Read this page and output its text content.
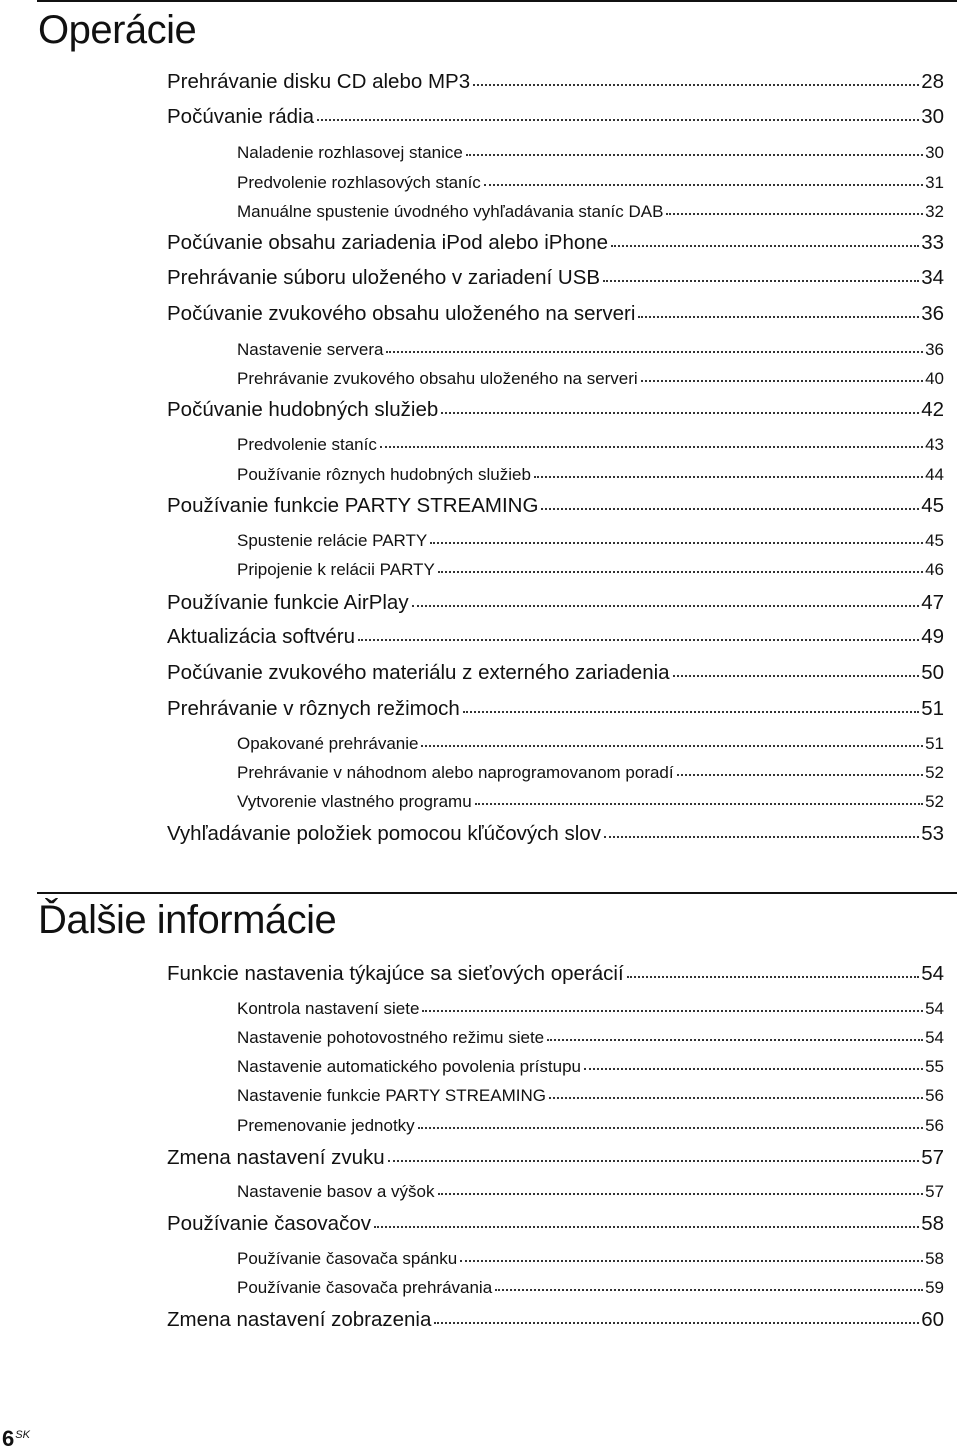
Operácie
Prehrávanie disku CD alebo MP3	28
Počúvanie rádia	30
Naladenie rozhlasovej stanice	30
Predvolenie rozhlasových staníc	31
Manuálne spustenie úvodného vyhľadávania staníc DAB	32
Počúvanie obsahu zariadenia iPod alebo iPhone	33
Prehrávanie súboru uloženého v zariadení USB	34
Počúvanie zvukového obsahu uloženého na serveri	36
Nastavenie servera	36
Prehrávanie zvukového obsahu uloženého na serveri	40
Počúvanie hudobných služieb	42
Predvolenie staníc	43
Používanie rôznych hudobných služieb	44
Používanie funkcie PARTY STREAMING	45
Spustenie relácie PARTY	45
Pripojenie k relácii PARTY	46
Používanie funkcie AirPlay	47
Aktualizácia softvéru	49
Počúvanie zvukového materiálu z externého zariadenia	50
Prehrávanie v rôznych režimoch	51
Opakované prehrávanie	51
Prehrávanie v náhodnom alebo naprogramovanom poradí	52
Vytvorenie vlastného programu	52
Vyhľadávanie položiek pomocou kľúčových slov	53
Ďalšie informácie
Funkcie nastavenia týkajúce sa sieťových operácií	54
Kontrola nastavení siete	54
Nastavenie pohotovostného režimu siete	54
Nastavenie automatického povolenia prístupu	55
Nastavenie funkcie PARTY STREAMING	56
Premenovanie jednotky	56
Zmena nastavení zvuku	57
Nastavenie basov a výšok	57
Používanie časovačov	58
Používanie časovača spánku	58
Používanie časovača prehrávania	59
Zmena nastavení zobrazenia	60
$6^{SK}$
